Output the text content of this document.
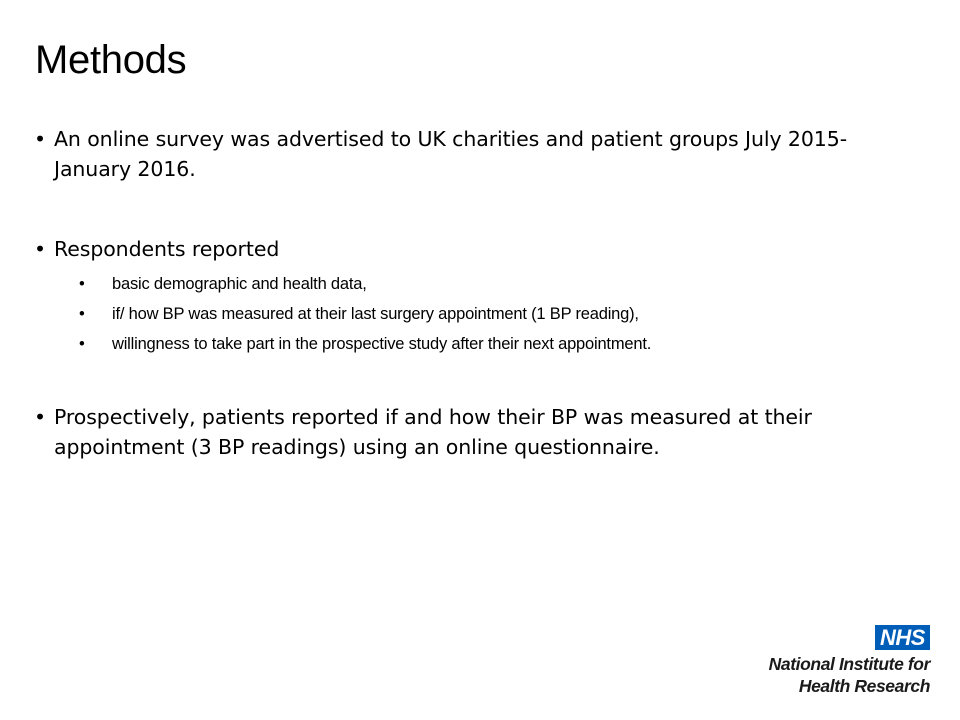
Methods
• An online survey was advertised to UK charities and patient groups July 2015-January 2016.
• Respondents reported
• basic demographic and health data,
• if/ how BP was measured at their last surgery appointment (1 BP reading),
• willingness to take part in the prospective study after their next appointment.
• Prospectively, patients reported if and how their BP was measured at their appointment (3 BP readings) using an online questionnaire.
NHS
National Institute for
Health Research
